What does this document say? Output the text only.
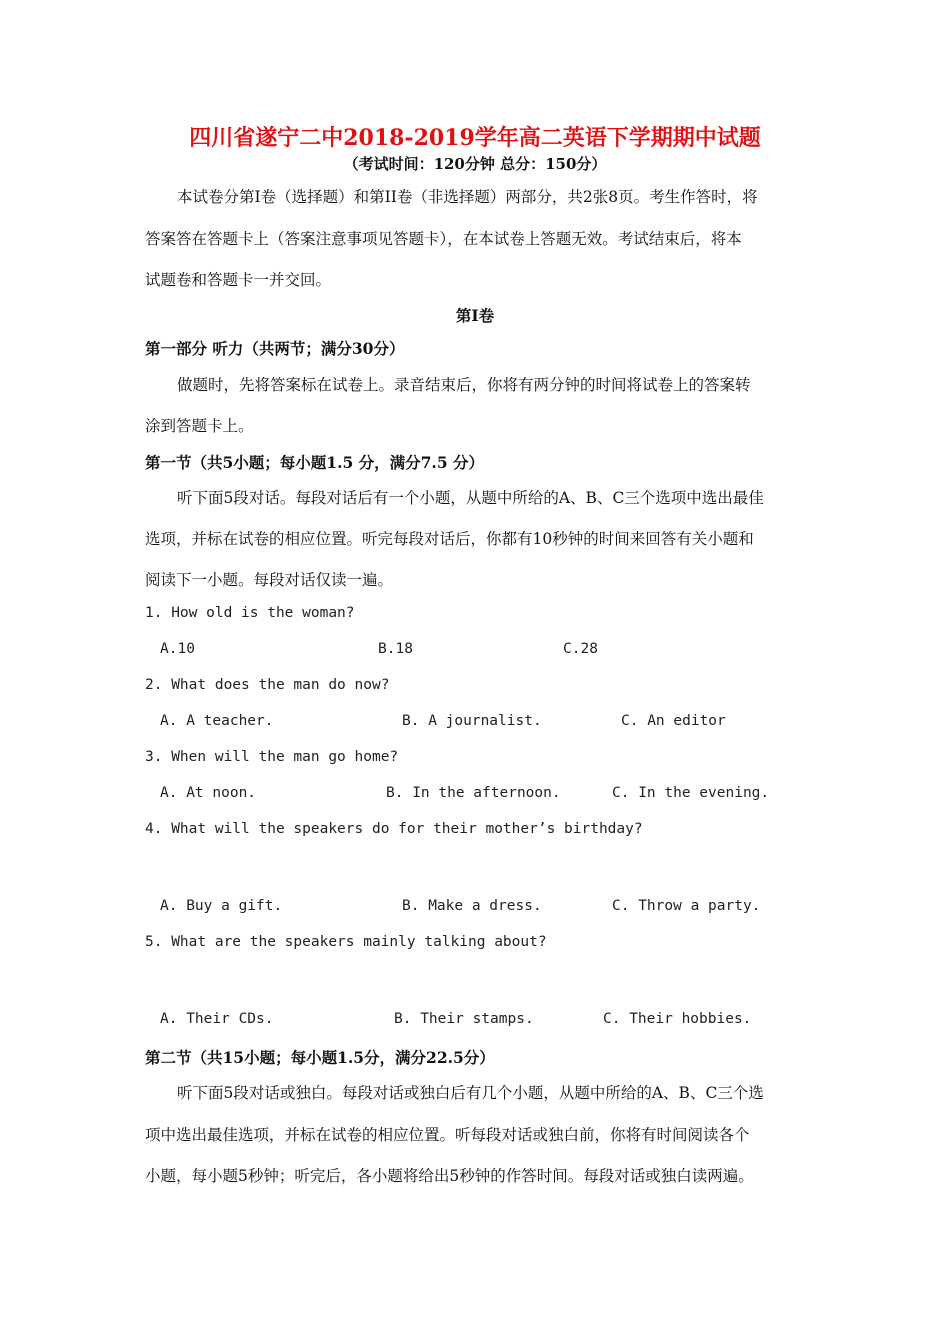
四川省遂宁二中2018-2019学年高二英语下学期期中试题
（考试时间：120分钟 总分：150分）
本试卷分第I卷（选择题）和第II卷（非选择题）两部分，共2张8页。考生作答时，将
答案答在答题卡上（答案注意事项见答题卡），在本试卷上答题无效。考试结束后，将本
试题卷和答题卡一并交回。
第I卷
第一部分 听力（共两节；满分30分）
做题时，先将答案标在试卷上。录音结束后，你将有两分钟的时间将试卷上的答案转
涂到答题卡上。
第一节（共5小题；每小题1.5 分，满分7.5 分）
听下面5段对话。每段对话后有一个小题，从题中所给的A、B、C三个选项中选出最佳
选项，并标在试卷的相应位置。听完每段对话后，你都有10秒钟的时间来回答有关小题和
阅读下一小题。每段对话仅读一遍。
1. How old is the woman?
A.10	B.18	C.28
2. What does the man do now?
A. A teacher.	B. A journalist.	C. An editor
3. When will the man go home?
A. At noon.	B. In the afternoon.	C. In the evening.
4. What will the speakers do for their mother’s birthday?
A. Buy a gift.	B. Make a dress.	C. Throw a party.
5. What are the speakers mainly talking about?
A. Their CDs.	B. Their stamps.	C. Their hobbies.
第二节（共15小题；每小题1.5分，满分22.5分）
听下面5段对话或独白。每段对话或独白后有几个小题，从题中所给的A、B、C三个选
项中选出最佳选项，并标在试卷的相应位置。听每段对话或独白前，你将有时间阅读各个
小题，每小题5秒钟；听完后，各小题将给出5秒钟的作答时间。每段对话或独白读两遍。
